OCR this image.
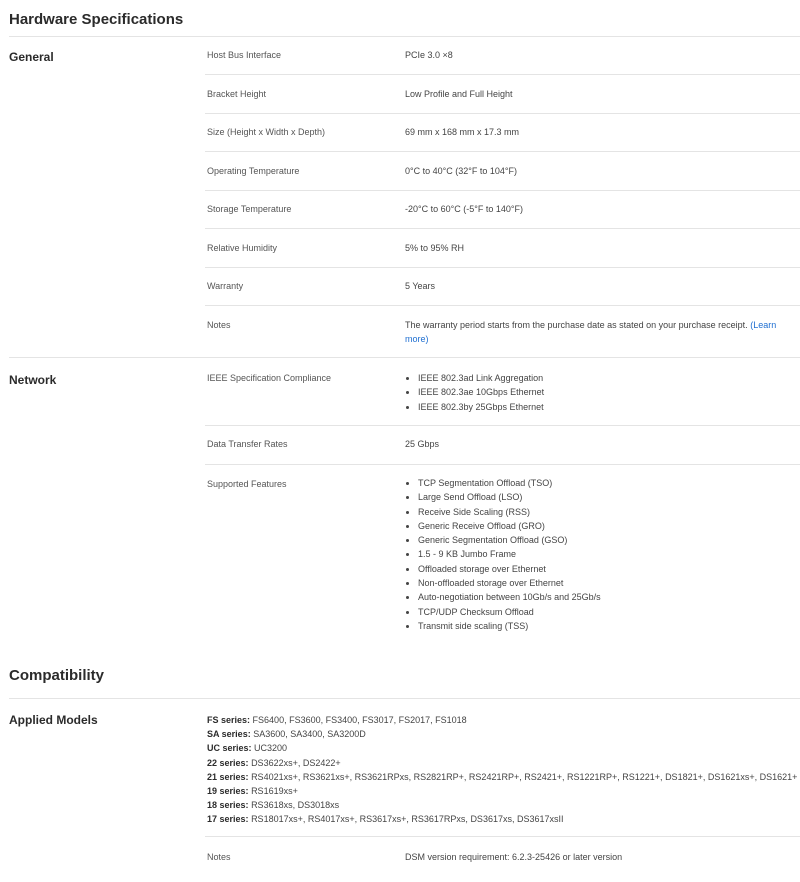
Hardware Specifications
General	Host Bus Interface	PCIe 3.0 ×8
Bracket Height	Low Profile and Full Height
Size (Height x Width x Depth)	69 mm x 168 mm x 17.3 mm
Operating Temperature	0°C to 40°C (32°F to 104°F)
Storage Temperature	-20°C to 60°C (-5°F to 140°F)
Relative Humidity	5% to 95% RH
Warranty	5 Years
Notes	The warranty period starts from the purchase date as stated on your purchase receipt. (Learn more)
Network	IEEE Specification Compliance	• IEEE 802.3ad Link Aggregation
• IEEE 802.3ae 10Gbps Ethernet
• IEEE 802.3by 25Gbps Ethernet
Data Transfer Rates	25 Gbps
Supported Features	• TCP Segmentation Offload (TSO)
• Large Send Offload (LSO)
• Receive Side Scaling (RSS)
• Generic Receive Offload (GRO)
• Generic Segmentation Offload (GSO)
• 1.5 - 9 KB Jumbo Frame
• Offloaded storage over Ethernet
• Non-offloaded storage over Ethernet
• Auto-negotiation between 10Gb/s and 25Gb/s
• TCP/UDP Checksum Offload
• Transmit side scaling (TSS)
Compatibility
Applied Models	FS series: FS6400, FS3600, FS3400, FS3017, FS2017, FS1018
SA series: SA3600, SA3400, SA3200D
UC series: UC3200
22 series: DS3622xs+, DS2422+
21 series: RS4021xs+, RS3621xs+, RS3621RPxs, RS2821RP+, RS2421RP+, RS2421+, RS1221RP+, RS1221+, DS1821+, DS1621xs+, DS1621+
19 series: RS1619xs+
18 series: RS3618xs, DS3018xs
17 series: RS18017xs+, RS4017xs+, RS3617xs+, RS3617RPxs, DS3617xs, DS3617xsII
Notes	DSM version requirement: 6.2.3-25426 or later version
